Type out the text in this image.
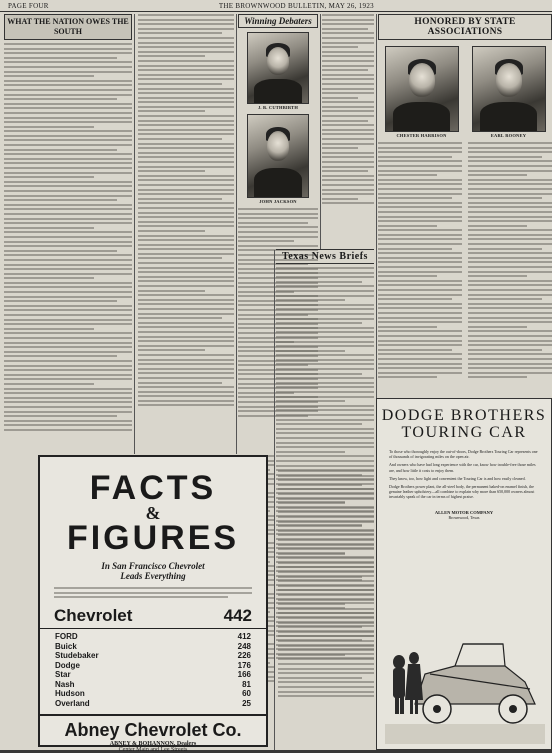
PAGE FOUR	THE BROWNWOOD BULLETIN, MAY 26, 1923
WHAT THE NATION OWES THE SOUTH
Winning Debaters
J. B. CUTHBIRTH
JOHN JACKSON
Texas News Briefs
HONORED BY STATE ASSOCIATIONS
CHESTER HARRISON	EARL ROONEY
FACTS
&
FIGURES
In San Francisco Chevrolet
Leads Everything
Chevrolet	442
FORD	412
Buick	248
Studebaker	226
Dodge	176
Star	166
Nash	81
Hudson	60
Overland	25
Abney Chevrolet Co.
ABNEY & BOHANNON, Dealers
Center Main and Lee Streets
DODGE BROTHERS
TOURING CAR

To those who thoroughly enjoy the out-of-doors, Dodge Brothers Touring Car represents one of thousands of invigorating miles on the open air.

And owners who have had long experience with the car, know how trouble-free those miles are, and how little it costs to enjoy them.

They know, too, how light and convenient the Touring Car is and how easily cleaned.

Dodge Brothers power plant, the all-steel body, the permanent baked-on enamel finish, the genuine leather upholstery—all combine to explain why more than 650,000 owners almost invariably speak of the car in terms of highest praise.

ALLEN MOTOR COMPANY
Brownwood, Texas
